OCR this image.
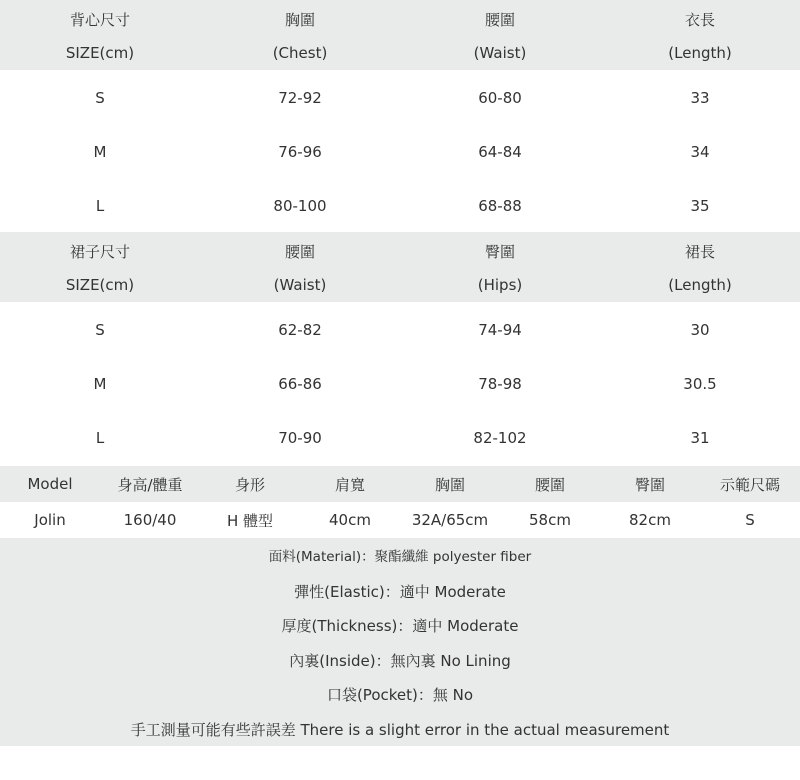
背心尺寸	胸圍	腰圍	衣長
SIZE(cm)	(Chest)	(Waist)	(Length)
S	72-92	60-80	33
M	76-96	64-84	34
L	80-100	68-88	35
裙子尺寸	腰圍	臀圍	裙長
SIZE(cm)	(Waist)	(Hips)	(Length)
S	62-82	74-94	30
M	66-86	78-98	30.5
L	70-90	82-102	31
Model	身高/體重	身形	肩寬	胸圍	腰圍	臀圍	示範尺碼
Jolin	160/40	H 體型	40cm	32A/65cm	58cm	82cm	S
面料(Material)：聚酯纖維 polyester fiber
彈性(Elastic)：適中 Moderate
厚度(Thickness)：適中 Moderate
內裏(Inside)：無內裏 No Lining
口袋(Pocket)：無 No
手工測量可能有些許誤差 There is a slight error in the actual measurement
